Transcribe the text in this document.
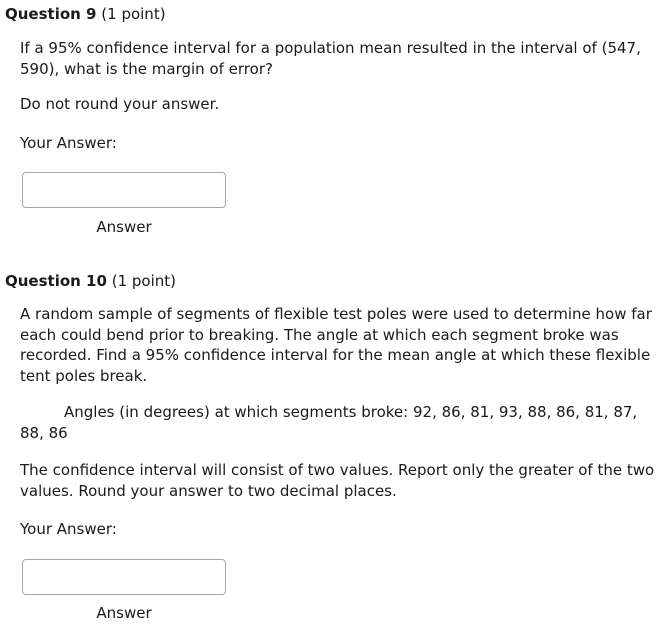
Question 9 (1 point)

If a 95% confidence interval for a population mean resulted in the interval of (547, 590), what is the margin of error?

Do not round your answer.

Your Answer:
Answer
Question 10 (1 point)

A random sample of segments of flexible test poles were used to determine how far each could bend prior to breaking. The angle at which each segment broke was recorded. Find a 95% confidence interval for the mean angle at which these flexible tent poles break.

Angles (in degrees) at which segments broke: 92, 86, 81, 93, 88, 86, 81, 87, 88, 86

The confidence interval will consist of two values. Report only the greater of the two values. Round your answer to two decimal places.

Your Answer:
Answer
